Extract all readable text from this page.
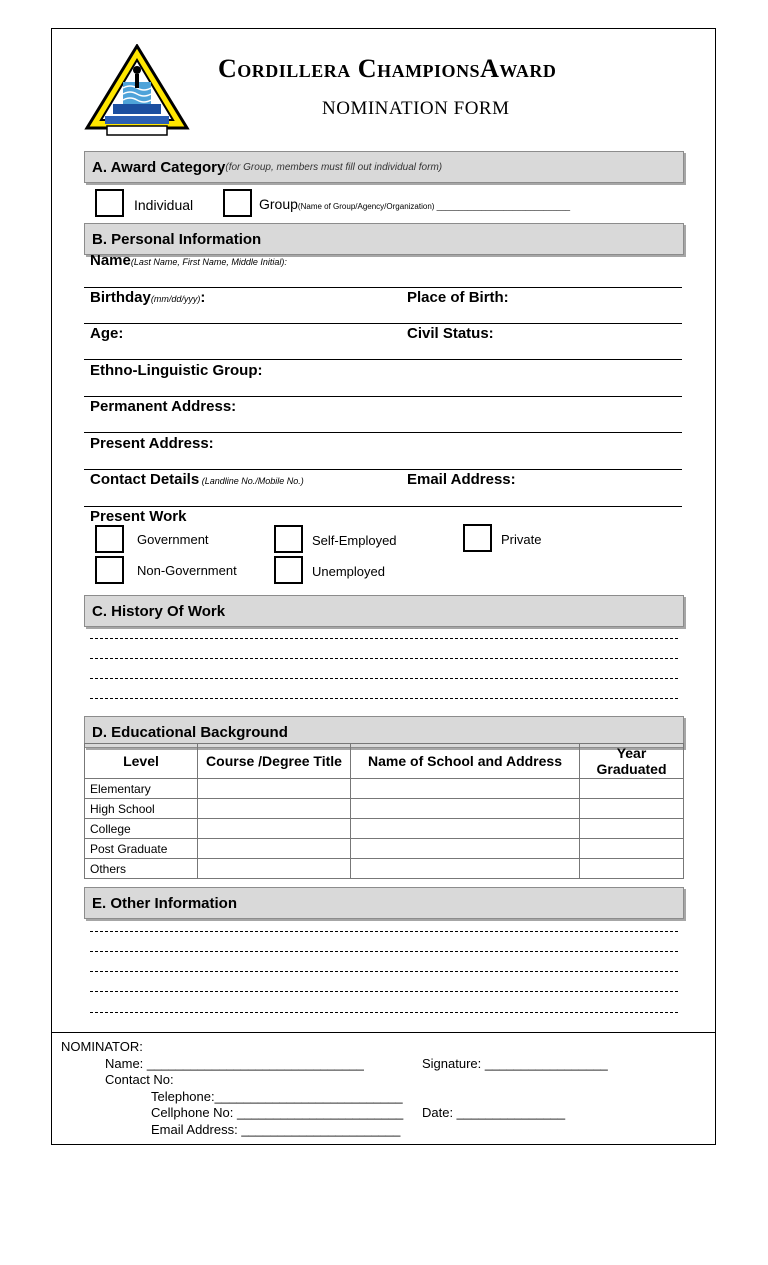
Cordillera ChampionsAward
NOMINATION FORM
A. Award Category (for Group, members must fill out individual form)
Individual	Group(Name of Group/Agency/Organization) ______________________________
B. Personal Information
Name(Last Name, First Name, Middle Initial):
Birthday(mm/dd/yyy):	Place of Birth:
Age:	Civil Status:
Ethno-Linguistic Group:
Permanent Address:
Present Address:
Contact Details (Landline No./Mobile No.)	Email Address:
Present Work
Government	Self-Employed	Private
Non-Government	Unemployed
C. History Of Work
D. Educational Background
Level	Course /Degree Title	Name of School and Address	Year Graduated
Elementary			
High School			
College			
Post Graduate			
Others			
E. Other Information
NOMINATOR:
Name: ______________________________	Signature: _________________
Contact No:
Telephone:__________________________
Cellphone No: _______________________ Date: _______________
Email Address: ______________________
